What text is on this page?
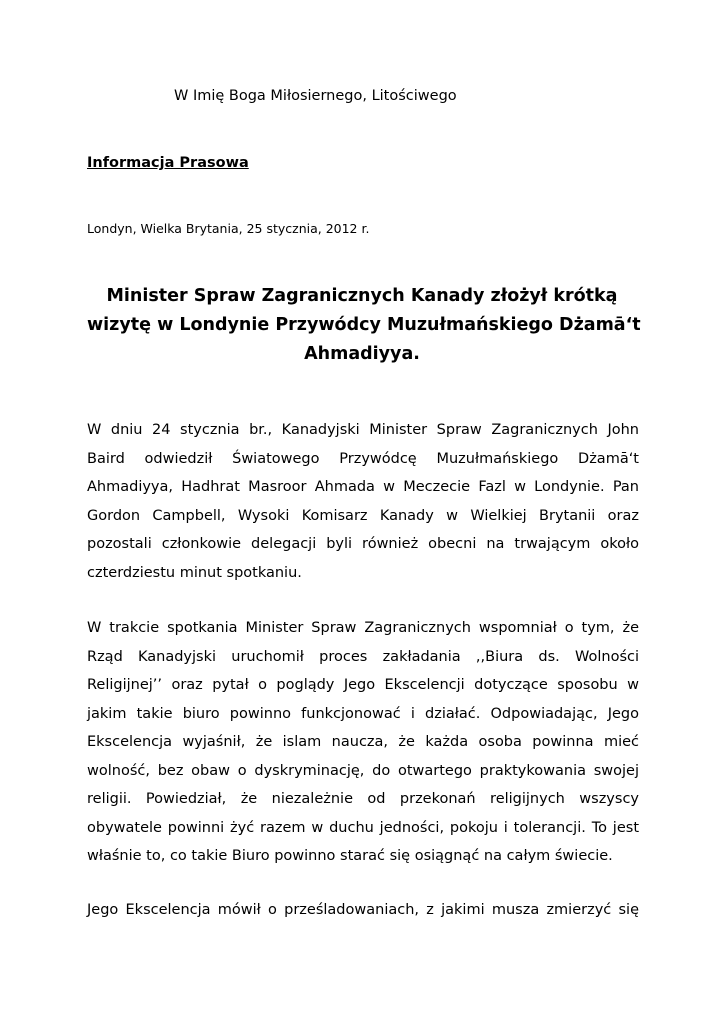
W Imię Boga Miłosiernego, Litościwego
Informacja Prasowa
Londyn, Wielka Brytania, 25 stycznia, 2012 r.
Minister Spraw Zagranicznych Kanady złożył krótką
wizytę w Londynie Przywódcy Muzułmańskiego Dżamā‘t
Ahmadiyya.
W dniu 24 stycznia br., Kanadyjski Minister Spraw Zagranicznych John
Baird odwiedził Światowego Przywódcę Muzułmańskiego Dżamā‘t
Ahmadiyya, Hadhrat Masroor Ahmada w Meczecie Fazl w Londynie. Pan
Gordon Campbell, Wysoki Komisarz Kanady w Wielkiej Brytanii oraz
pozostali członkowie delegacji byli również obecni na trwającym około
czterdziestu minut spotkaniu.
W trakcie spotkania Minister Spraw Zagranicznych wspomniał o tym, że
Rząd Kanadyjski uruchomił proces zakładania ,,Biura ds. Wolności
Religijnej’’ oraz pytał o poglądy Jego Ekscelencji dotyczące sposobu w
jakim takie biuro powinno funkcjonować i działać. Odpowiadając, Jego
Ekscelencja wyjaśnił, że islam naucza, że każda osoba powinna mieć
wolność, bez obaw o dyskryminację, do otwartego praktykowania swojej
religii. Powiedział, że niezależnie od przekonań religijnych wszyscy
obywatele powinni żyć razem w duchu jedności, pokoju i tolerancji. To jest
właśnie to, co takie Biuro powinno starać się osiągnąć na całym świecie.
Jego Ekscelencja mówił o prześladowaniach, z jakimi musza zmierzyć się
